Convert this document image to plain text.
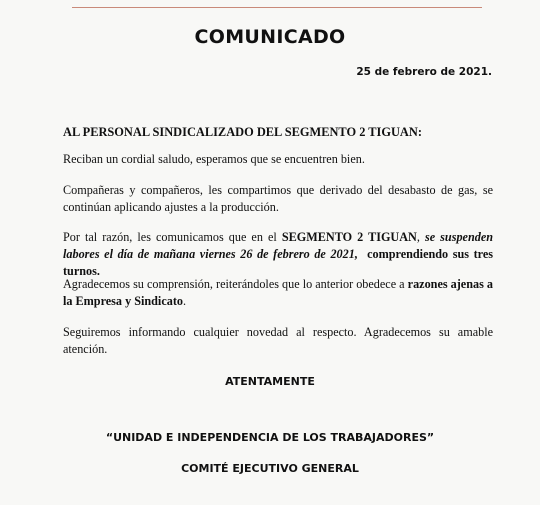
COMUNICADO
25 de febrero de 2021.
AL PERSONAL SINDICALIZADO DEL SEGMENTO 2 TIGUAN:
Reciban un cordial saludo, esperamos que se encuentren bien.
Compañeras y compañeros, les compartimos que derivado del desabasto de gas, se continúan aplicando ajustes a la producción.
Por tal razón, les comunicamos que en el SEGMENTO 2 TIGUAN, se suspenden labores el día de mañana viernes 26 de febrero de 2021, comprendiendo sus tres turnos.
Agradecemos su comprensión, reiterándoles que lo anterior obedece a razones ajenas a la Empresa y Sindicato.
Seguiremos informando cualquier novedad al respecto. Agradecemos su amable atención.
ATENTAMENTE
“UNIDAD E INDEPENDENCIA DE LOS TRABAJADORES”
COMITÉ EJECUTIVO GENERAL
